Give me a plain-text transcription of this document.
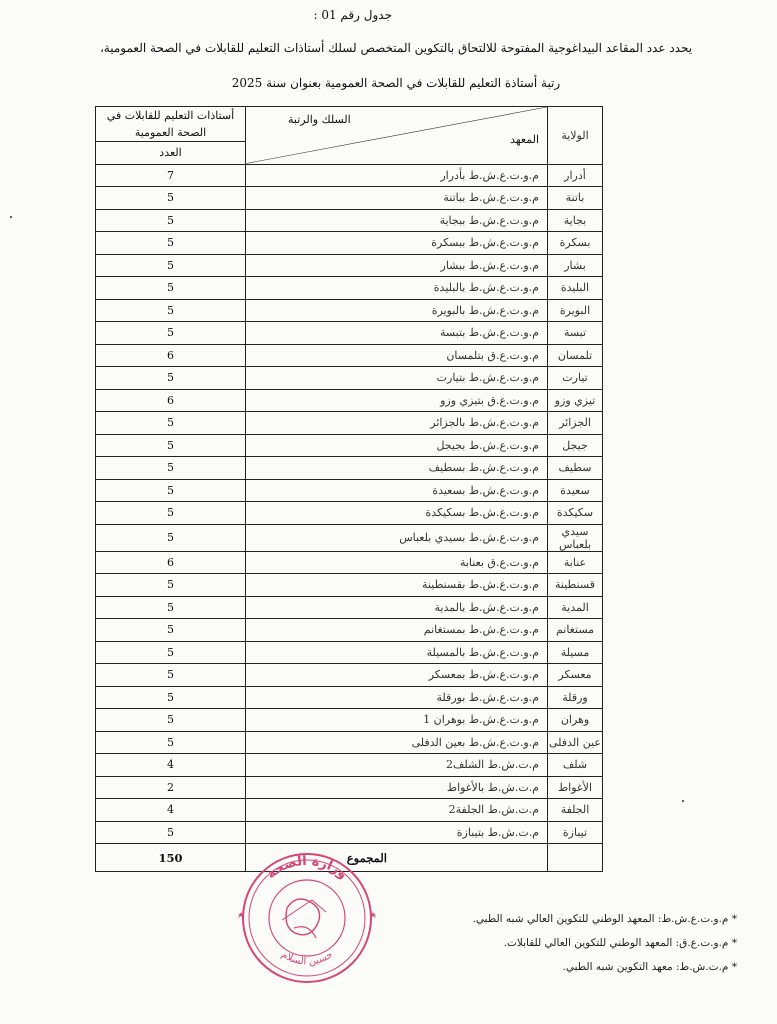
جدول رقم 01 :
يحدد عدد المقاعد البيداغوجية المفتوحة للالتحاق بالتكوين المتخصص لسلك أستاذات التعليم للقابلات في الصحة العمومية،
رتبة أستاذة التعليم للقابلات في الصحة العمومية بعنوان سنة 2025
أستاذات التعليم للقابلات في الصحة العمومية	السلك والرتبة
المعهد	الولاية
العدد		
7	م.و.ت.ع.ش.ط بأدرار	أدرار
5	م.و.ت.ع.ش.ط بباتنة	باتنة
5	م.و.ت.ع.ش.ط ببجاية	بجاية
5	م.و.ت.ع.ش.ط ببسكرة	بسكرة
5	م.و.ت.ع.ش.ط ببشار	بشار
5	م.و.ت.ع.ش.ط بالبليدة	البليدة
5	م.و.ت.ع.ش.ط بالبويرة	البويرة
5	م.و.ت.ع.ش.ط بتبسة	تبسة
6	م.و.ت.ع.ق بتلمسان	تلمسان
5	م.و.ت.ع.ش.ط بتيارت	تيارت
6	م.و.ت.ع.ق بتيزي وزو	تيزي وزو
5	م.و.ت.ع.ش.ط بالجزائر	الجزائر
5	م.و.ت.ع.ش.ط بجيجل	جيجل
5	م.و.ت.ع.ش.ط بسطيف	سطيف
5	م.و.ت.ع.ش.ط بسعيدة	سعيدة
5	م.و.ت.ع.ش.ط بسكيكدة	سكيكدة
5	م.و.ت.ع.ش.ط بسيدي بلعباس	سيدي بلعباس
6	م.و.ت.ع.ق بعنابة	عنابة
5	م.و.ت.ع.ش.ط بقسنطينة	قسنطينة
5	م.و.ت.ع.ش.ط بالمدية	المدية
5	م.و.ت.ع.ش.ط بمستغانم	مستغانم
5	م.و.ت.ع.ش.ط بالمسيلة	مسيلة
5	م.و.ت.ع.ش.ط بمعسكر	معسكر
5	م.و.ت.ع.ش.ط بورقلة	ورقلة
5	م.و.ت.ع.ش.ط بوهران 1	وهران
5	م.و.ت.ع.ش.ط بعين الدفلى	عين الدفلى
4	م.ت.ش.ط الشلف2	شلف
2	م.ت.ش.ط بالأغواط	الأغواط
4	م.ت.ش.ط الجلفة2	الجلفة
5	م.ت.ش.ط بتيبازة	تيبازة
150	المجموع	
وزارة الصحة
حسين السلام
* م.و.ت.ع.ش.ط: المعهد الوطني للتكوين العالي شبه الطبي.
* م.و.ت.ع.ق: المعهد الوطني للتكوين العالي للقابلات.
* م.ت.ش.ط: معهد التكوين شبه الطبي.
